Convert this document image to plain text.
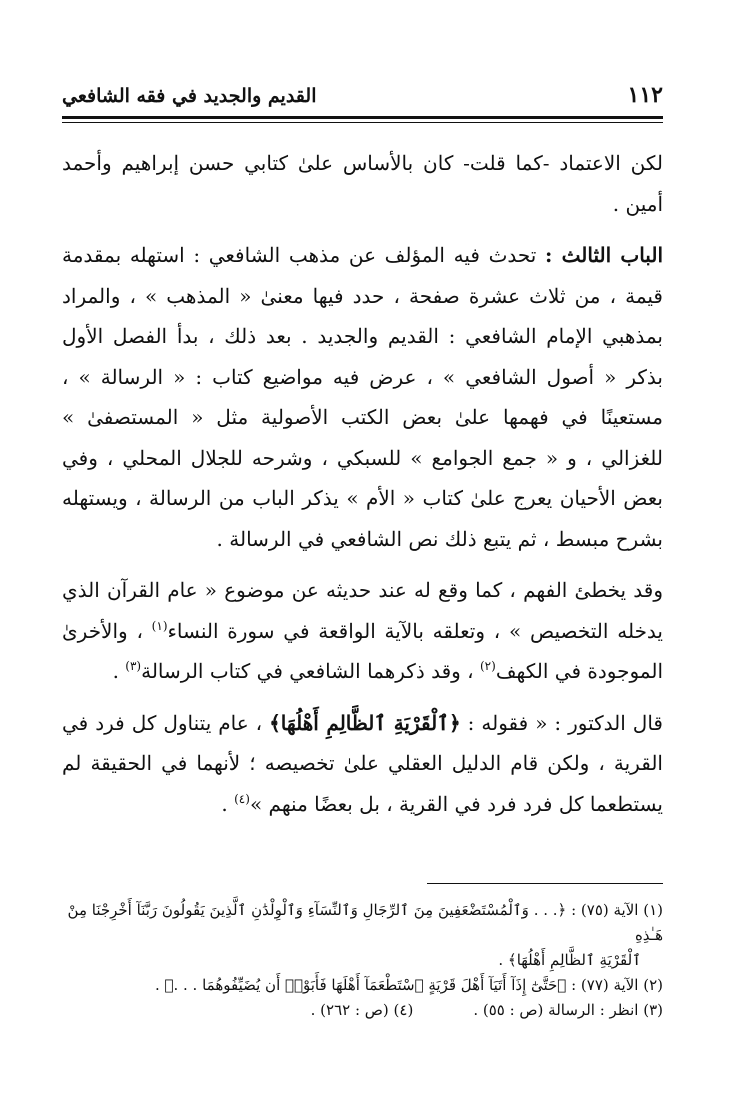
١١٢
القديم والجديد في فقه الشافعي

لكن الاعتماد -كما قلت- كان بالأساس علىٰ كتابي حسن إبراهيم وأحمد أمين .

الباب الثالث : تحدث فيه المؤلف عن مذهب الشافعي : استهله بمقدمة قيمة ، من ثلاث عشرة صفحة ، حدد فيها معنىٰ « المذهب » ، والمراد بمذهبي الإمام الشافعي : القديم والجديد . بعد ذلك ، بدأ الفصل الأول بذكر « أصول الشافعي » ، عرض فيه مواضيع كتاب : « الرسالة » ، مستعينًا في فهمها علىٰ بعض الكتب الأصولية مثل « المستصفىٰ » للغزالي ، و « جمع الجوامع » للسبكي ، وشرحه للجلال المحلي ، وفي بعض الأحيان يعرج علىٰ كتاب « الأم » يذكر الباب من الرسالة ، ويستهله بشرح مبسط ، ثم يتبع ذلك نص الشافعي في الرسالة .

وقد يخطئ الفهم ، كما وقع له عند حديثه عن موضوع « عام القرآن الذي يدخله التخصيص » ، وتعلقه بالآية الواقعة في سورة النساء$^{(١)}$ ، والأخرىٰ الموجودة في الكهف$^{(٢)}$ ، وقد ذكرهما الشافعي في كتاب الرسالة$^{(٣)}$ .

قال الدكتور : « فقوله : ﴿ٱلْقَرْيَةِ ٱلظَّالِمِ أَهْلُهَا﴾ ، عام يتناول كل فرد في القرية ، ولكن قام الدليل العقلي علىٰ تخصيصه ؛ لأنهما في الحقيقة لم يستطعما كل فرد فرد في القرية ، بل بعضًا منهم »$^{(٤)}$ .

(١) الآية (٧٥) : ﴿. . . وَٱلْمُسْتَضْعَفِينَ مِنَ ٱلرِّجَالِ وَٱلنِّسَآءِ وَٱلْوِلْدَٰنِ ٱلَّذِينَ يَقُولُونَ رَبَّنَآ أَخْرِجْنَا مِنْ هَـٰذِهِ
ٱلْقَرْيَةِ ٱلظَّالِمِ أَهْلُهَا﴾ .
(٢) الآية (٧٧) : ﴿حَتَّىٰٓ إِذَآ أَتَيَآ أَهْلَ قَرْيَةٍ ٱسْتَطْعَمَآ أَهْلَهَا فَأَبَوْا۟ أَن يُضَيِّفُوهُمَا . . .﴾ .
(٣) انظر : الرسالة (ص : ٥٥) .
(٤) (ص : ٢٦٢) .
